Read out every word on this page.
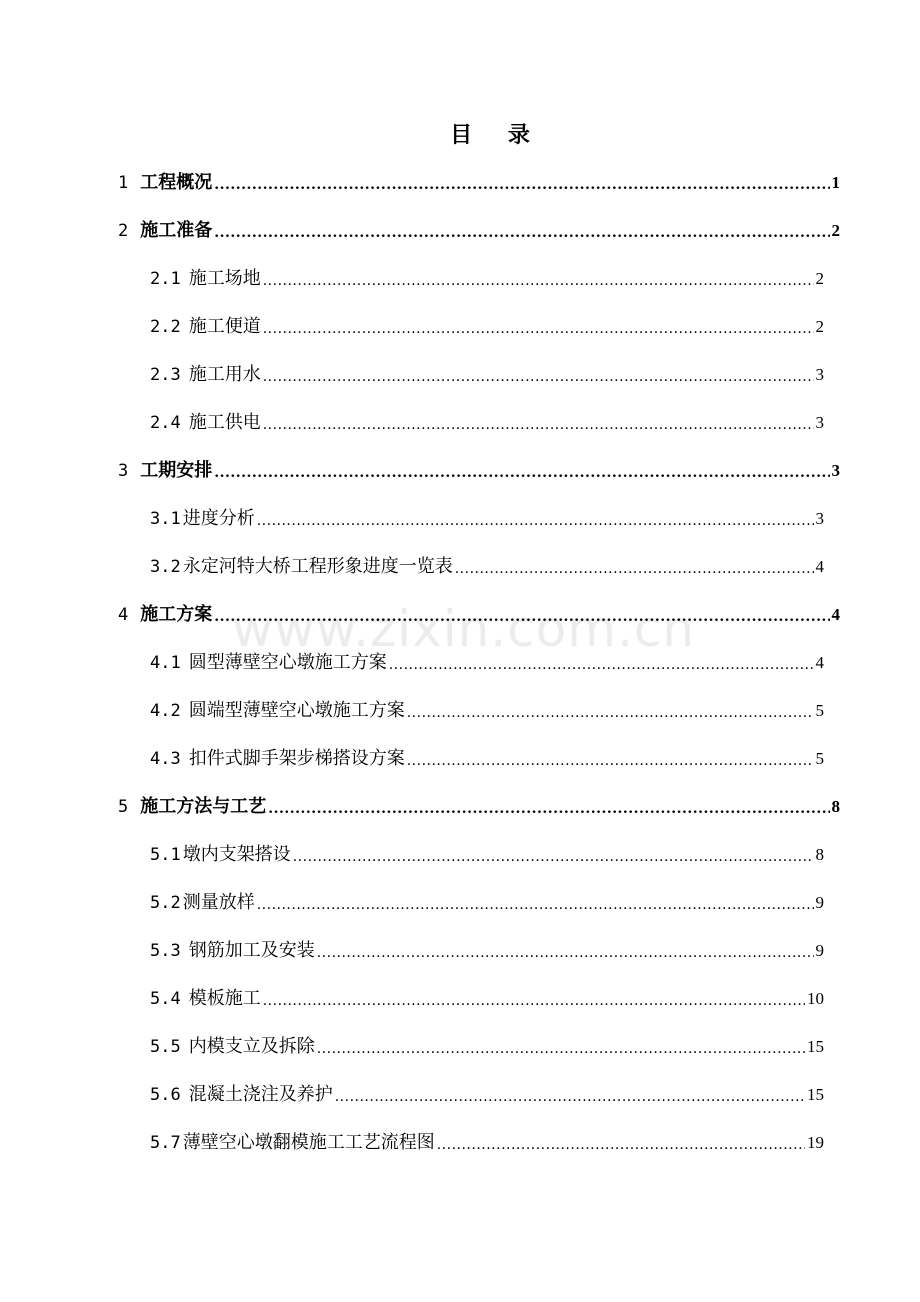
目 录
www.zixin.com.cn
1 工程概况 .....	1
2 施工准备 .....	2
2.1 施工场地 .....	2
2.2 施工便道 .....	2
2.3 施工用水 .....	3
2.4 施工供电 .....	3
3 工期安排 .....	3
3.1 进度分析 .....	3
3.2 永定河特大桥工程形象进度一览表 .....	4
4 施工方案 .....	4
4.1 圆型薄壁空心墩施工方案 .....	4
4.2 圆端型薄壁空心墩施工方案 .....	5
4.3 扣件式脚手架步梯搭设方案 .....	5
5 施工方法与工艺 .....	8
5.1 墩内支架搭设 .....	8
5.2 测量放样 .....	9
5.3 钢筋加工及安装 .....	9
5.4 模板施工 .....	10
5.5 内模支立及拆除 .....	15
5.6 混凝土浇注及养护 .....	15
5.7 薄壁空心墩翻模施工工艺流程图 .....	19
